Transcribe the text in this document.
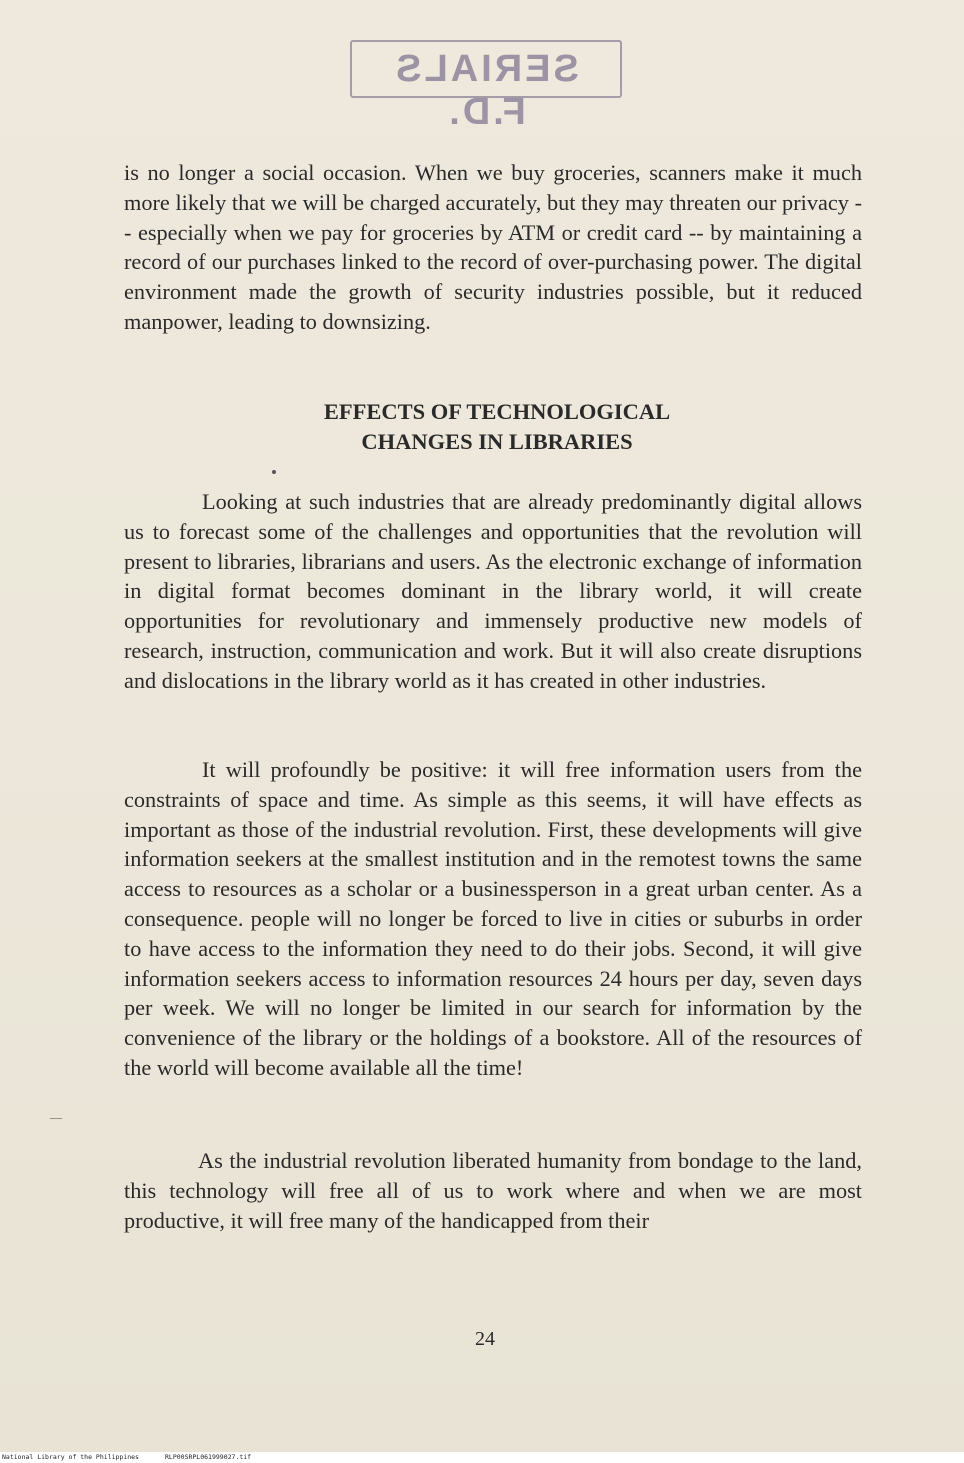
SERIALS F.D.

is no longer a social occasion. When we buy groceries, scanners make it much more likely that we will be charged accurately, but they may threaten our privacy -- especially when we pay for groceries by ATM or credit card -- by maintaining a record of our purchases linked to the record of over-purchasing power. The digital environment made the growth of security industries possible, but it reduced manpower, leading to downsizing.

EFFECTS OF TECHNOLOGICAL
CHANGES IN LIBRARIES

Looking at such industries that are already predominantly digital allows us to forecast some of the challenges and opportunities that the revolution will present to libraries, librarians and users. As the electronic exchange of information in digital format becomes dominant in the library world, it will create opportunities for revolutionary and immensely productive new models of research, instruction, communication and work. But it will also create disruptions and dislocations in the library world as it has created in other industries.

It will profoundly be positive: it will free information users from the constraints of space and time. As simple as this seems, it will have effects as important as those of the industrial revolution. First, these developments will give information seekers at the smallest institution and in the remotest towns the same access to resources as a scholar or a businessperson in a great urban center. As a consequence. people will no longer be forced to live in cities or suburbs in order to have access to the information they need to do their jobs. Second, it will give information seekers access to information resources 24 hours per day, seven days per week. We will no longer be limited in our search for information by the convenience of the library or the holdings of a bookstore. All of the resources of the world will become available all the time!

As the industrial revolution liberated humanity from bondage to the land, this technology will free all of us to work where and when we are most productive, it will free many of the handicapped from their

24

National Library of the Philippines	RLP00SRPL061999027.tif
